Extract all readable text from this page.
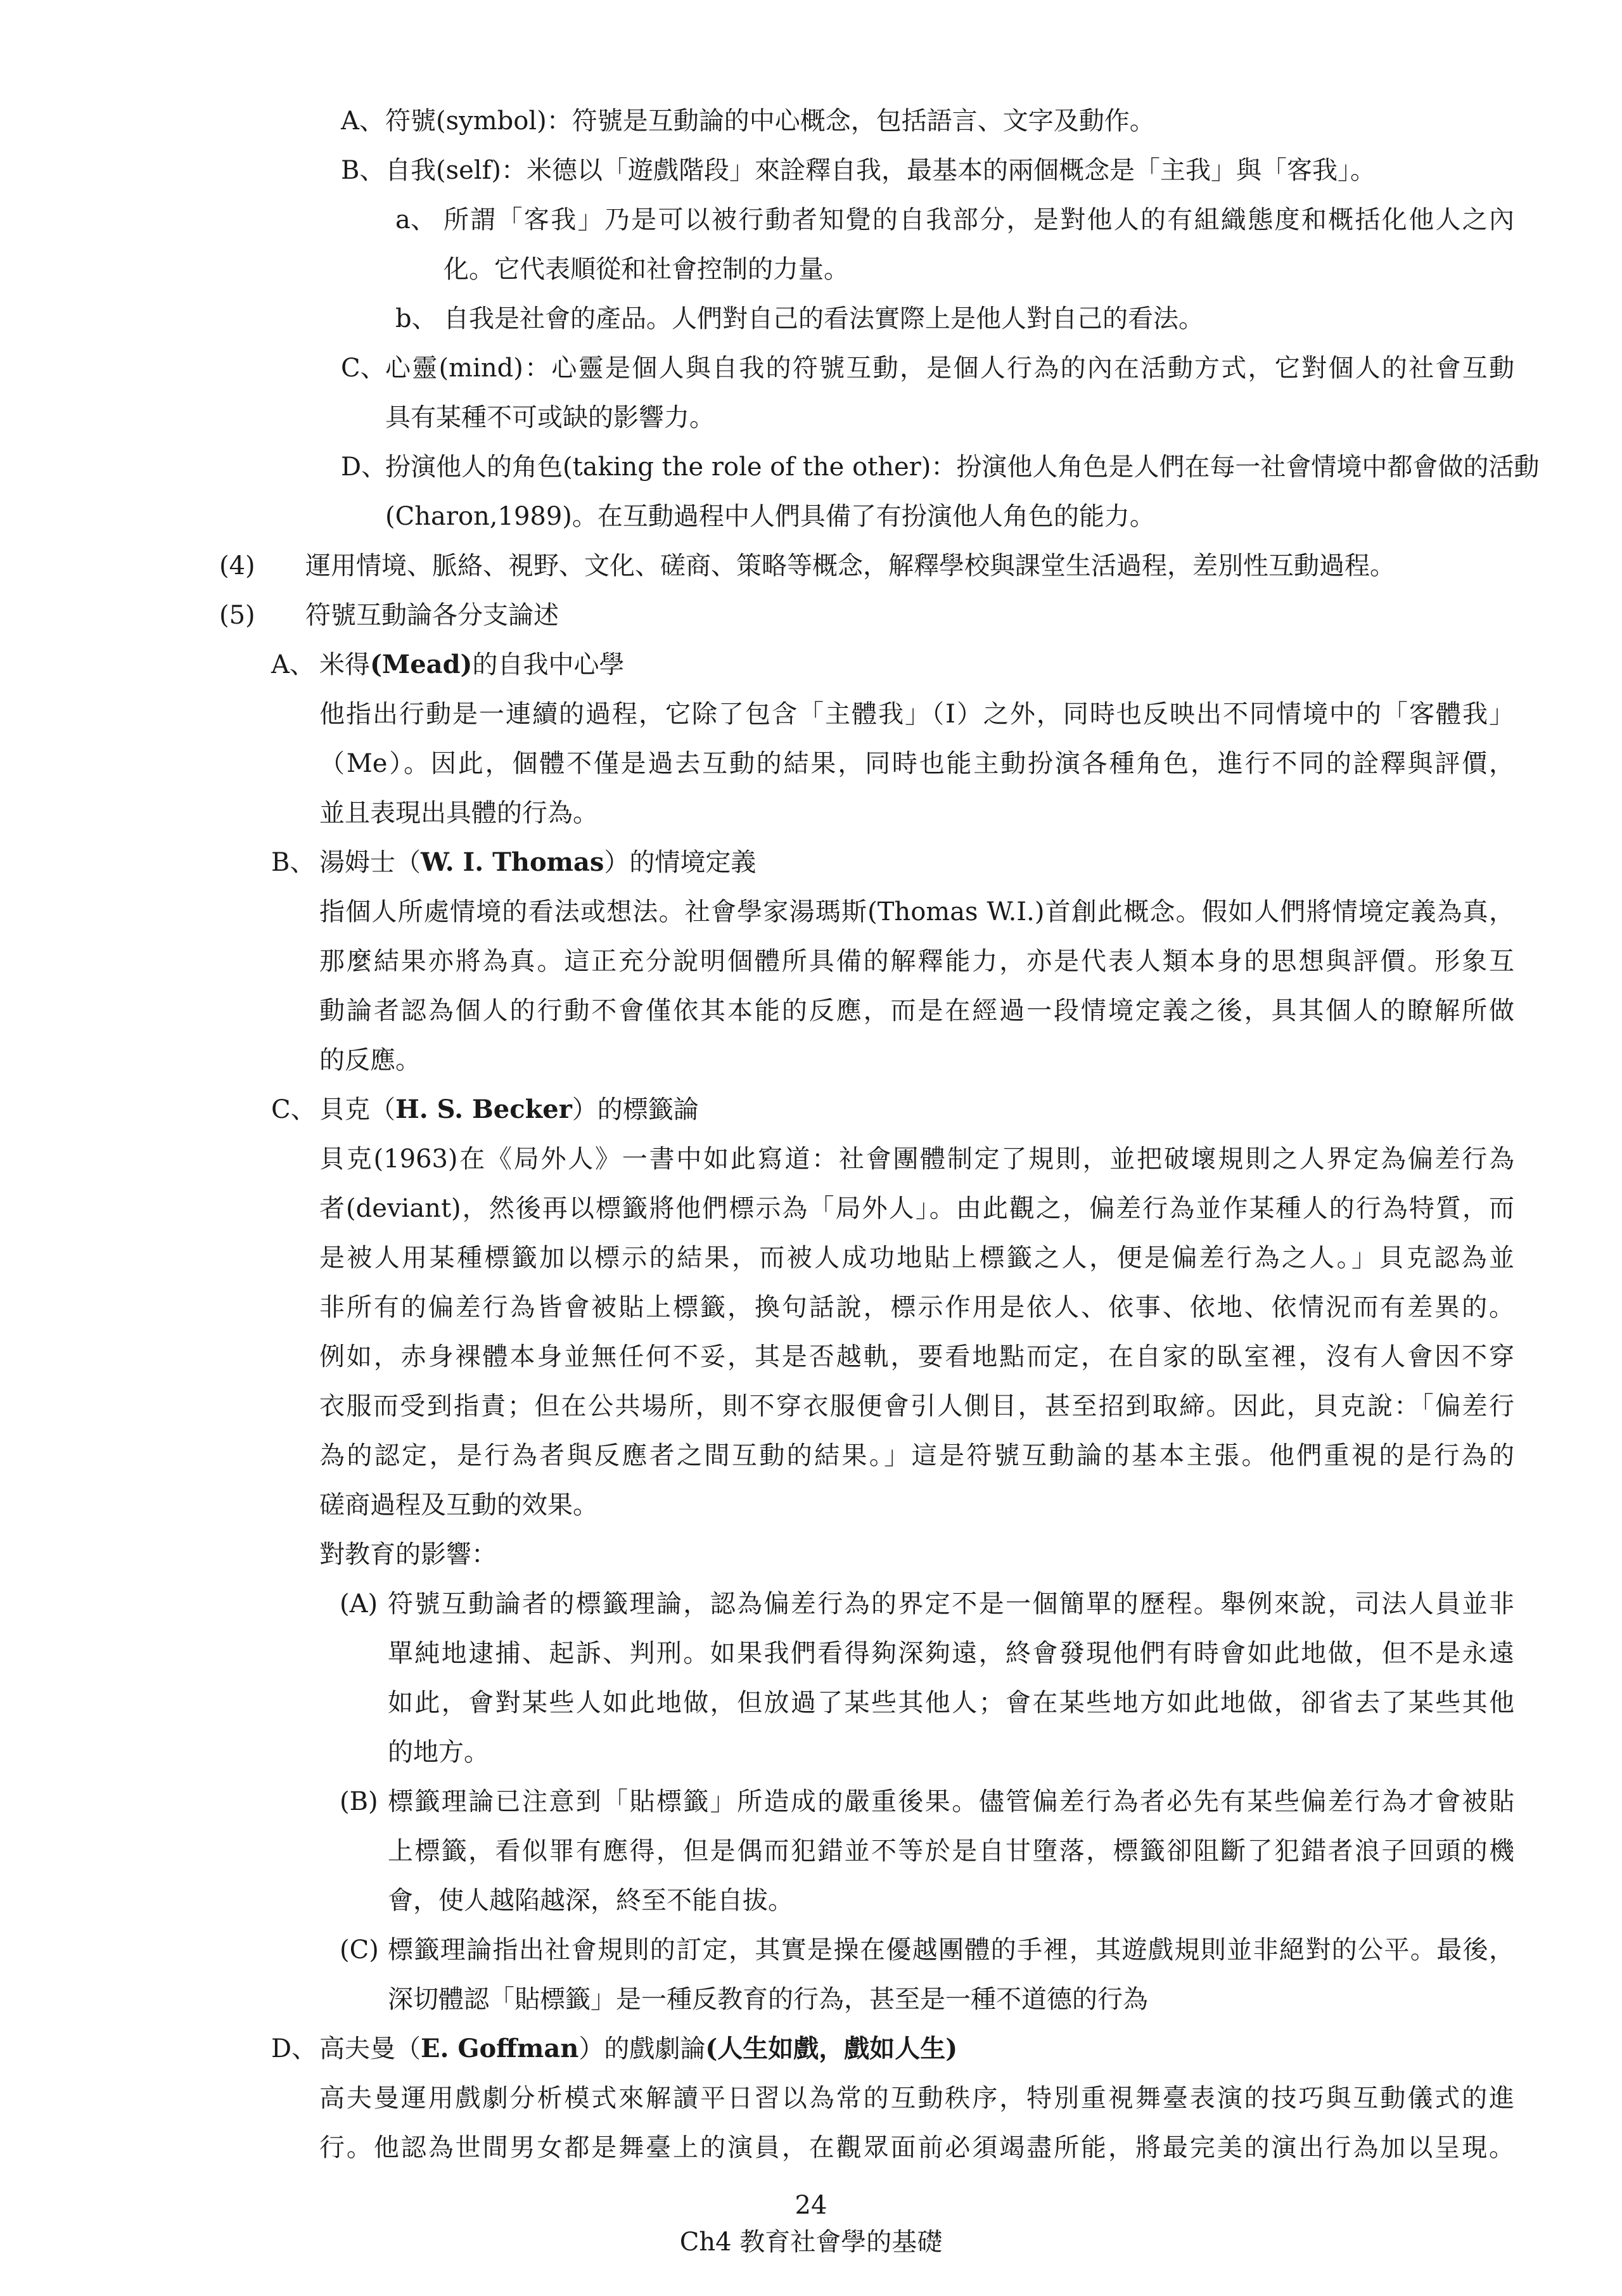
A、 符號(symbol)：符號是互動論的中心概念，包括語言、文字及動作。
B、 自我(self)：米德以「遊戲階段」來詮釋自我，最基本的兩個概念是「主我」與「客我」。
a、 所謂「客我」乃是可以被行動者知覺的自我部分，是對他人的有組織態度和概括化他人之內
化。它代表順從和社會控制的力量。
b、 自我是社會的產品。人們對自己的看法實際上是他人對自己的看法。
C、 心靈(mind)：心靈是個人與自我的符號互動，是個人行為的內在活動方式，它對個人的社會互動
具有某種不可或缺的影響力。
D、
扮演他人的角色(taking the role of the other)：扮演他人角色是人們在每一社會情境中都會做的活動
(Charon,1989)。在互動過程中人們具備了有扮演他人角色的能力。
(4) 運用情境、脈絡、視野、文化、磋商、策略等概念，解釋學校與課堂生活過程，差別性互動過程。
(5) 符號互動論各分支論述
A、 米得(Mead)的自我中心學
他指出行動是一連續的過程，它除了包含「主體我」（I）之外，同時也反映出不同情境中的「客體我」
（Me）。因此，個體不僅是過去互動的結果，同時也能主動扮演各種角色，進行不同的詮釋與評價，
並且表現出具體的行為。
B、 湯姆士（W. I. Thomas）的情境定義
指個人所處情境的看法或想法。社會學家湯瑪斯(Thomas W.I.)首創此概念。假如人們將情境定義為真，
那麼結果亦將為真。這正充分說明個體所具備的解釋能力，亦是代表人類本身的思想與評價。形象互
動論者認為個人的行動不會僅依其本能的反應，而是在經過一段情境定義之後，具其個人的瞭解所做
的反應。
C、 貝克（H. S. Becker）的標籤論
貝克(1963)在《局外人》一書中如此寫道：社會團體制定了規則，並把破壞規則之人界定為偏差行為
者(deviant)，然後再以標籤將他們標示為「局外人」。由此觀之，偏差行為並作某種人的行為特質，而
是被人用某種標籤加以標示的結果，而被人成功地貼上標籤之人，便是偏差行為之人。」貝克認為並
非所有的偏差行為皆會被貼上標籤，換句話說，標示作用是依人、依事、依地、依情況而有差異的。
例如，赤身裸體本身並無任何不妥，其是否越軌，要看地點而定，在自家的臥室裡，沒有人會因不穿
衣服而受到指責；但在公共場所，則不穿衣服便會引人側目，甚至招到取締。因此，貝克說：「偏差行
為的認定，是行為者與反應者之間互動的結果。」這是符號互動論的基本主張。他們重視的是行為的
磋商過程及互動的效果。
對教育的影響：
(A) 符號互動論者的標籤理論，認為偏差行為的界定不是一個簡單的歷程。舉例來說，司法人員並非
單純地逮捕、起訴、判刑。如果我們看得夠深夠遠，終會發現他們有時會如此地做，但不是永遠
如此，會對某些人如此地做，但放過了某些其他人；會在某些地方如此地做，卻省去了某些其他
的地方。
(B) 標籤理論已注意到「貼標籤」所造成的嚴重後果。儘管偏差行為者必先有某些偏差行為才會被貼
上標籤，看似罪有應得，但是偶而犯錯並不等於是自甘墮落，標籤卻阻斷了犯錯者浪子回頭的機
會，使人越陷越深，終至不能自拔。
(C) 標籤理論指出社會規則的訂定，其實是操在優越團體的手裡，其遊戲規則並非絕對的公平。最後，
深切體認「貼標籤」是一種反教育的行為，甚至是一種不道德的行為
D、 高夫曼（E. Goffman）的戲劇論(人生如戲，戲如人生)
高夫曼運用戲劇分析模式來解讀平日習以為常的互動秩序，特別重視舞臺表演的技巧與互動儀式的進
行。他認為世間男女都是舞臺上的演員，在觀眾面前必須竭盡所能，將最完美的演出行為加以呈現。
24
Ch4 教育社會學的基礎
